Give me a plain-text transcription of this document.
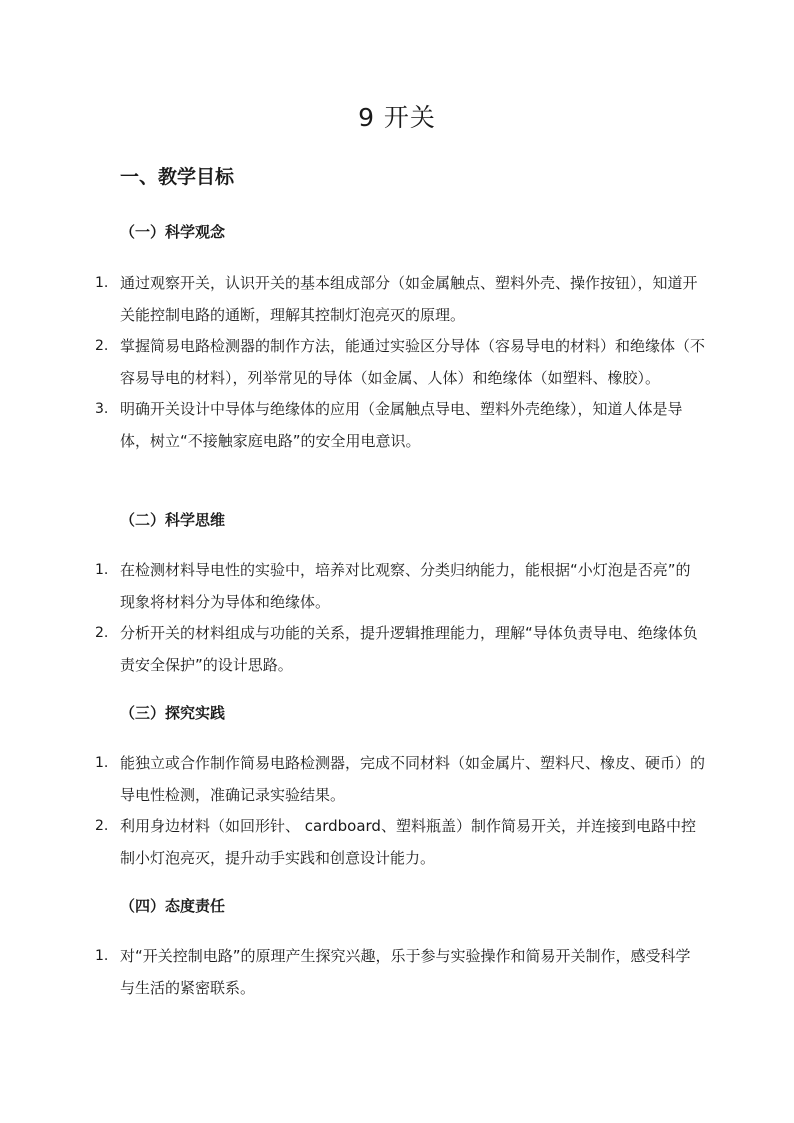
9 开关
一、教学目标
（一）科学观念
1. 通过观察开关，认识开关的基本组成部分（如金属触点、塑料外壳、操作按钮），知道开关能控制电路的通断，理解其控制灯泡亮灭的原理。
2. 掌握简易电路检测器的制作方法，能通过实验区分导体（容易导电的材料）和绝缘体（不容易导电的材料），列举常见的导体（如金属、人体）和绝缘体（如塑料、橡胶）。
3. 明确开关设计中导体与绝缘体的应用（金属触点导电、塑料外壳绝缘），知道人体是导体，树立“不接触家庭电路”的安全用电意识。
（二）科学思维
1. 在检测材料导电性的实验中，培养对比观察、分类归纳能力，能根据“小灯泡是否亮”的现象将材料分为导体和绝缘体。
2. 分析开关的材料组成与功能的关系，提升逻辑推理能力，理解“导体负责导电、绝缘体负责安全保护”的设计思路。
（三）探究实践
1. 能独立或合作制作简易电路检测器，完成不同材料（如金属片、塑料尺、橡皮、硬币）的导电性检测，准确记录实验结果。
2. 利用身边材料（如回形针、 cardboard、塑料瓶盖）制作简易开关，并连接到电路中控制小灯泡亮灭，提升动手实践和创意设计能力。
（四）态度责任
1. 对“开关控制电路”的原理产生探究兴趣，乐于参与实验操作和简易开关制作，感受科学与生活的紧密联系。
